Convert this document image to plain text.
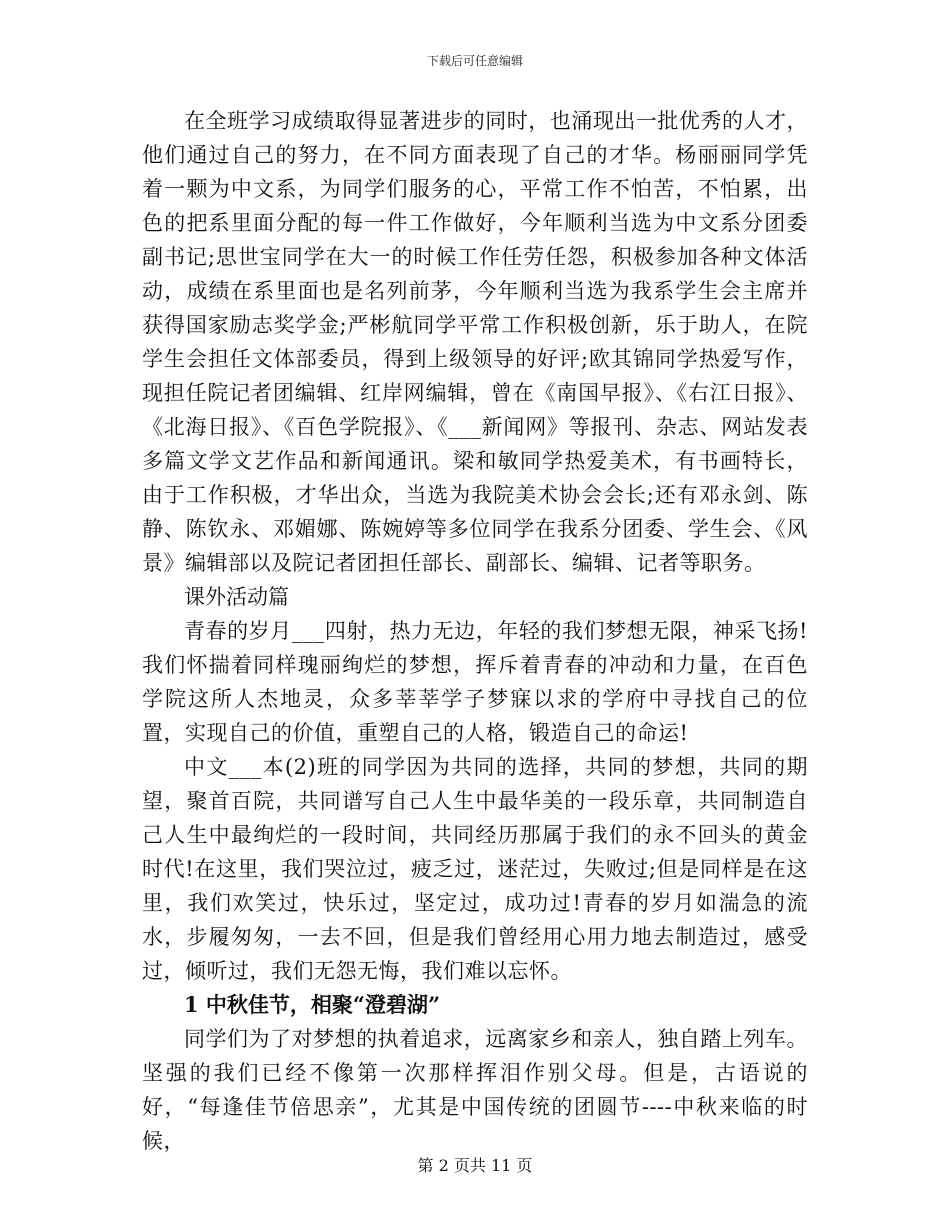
下载后可任意编辑

在全班学习成绩取得显著进步的同时，也涌现出一批优秀的人才，他们通过自己的努力，在不同方面表现了自己的才华。杨丽丽同学凭着一颗为中文系，为同学们服务的心，平常工作不怕苦，不怕累，出色的把系里面分配的每一件工作做好，今年顺利当选为中文系分团委副书记;思世宝同学在大一的时候工作任劳任怨，积极参加各种文体活动，成绩在系里面也是名列前茅，今年顺利当选为我系学生会主席并获得国家励志奖学金;严彬航同学平常工作积极创新，乐于助人，在院学生会担任文体部委员，得到上级领导的好评;欧其锦同学热爱写作，现担任院记者团编辑、红岸网编辑，曾在《南国早报》、《右江日报》、《北海日报》、《百色学院报》、《___新闻网》等报刊、杂志、网站发表多篇文学文艺作品和新闻通讯。梁和敏同学热爱美术，有书画特长，由于工作积极，才华出众，当选为我院美术协会会长;还有邓永剑、陈静、陈钦永、邓媚娜、陈婉婷等多位同学在我系分团委、学生会、《风景》编辑部以及院记者团担任部长、副部长、编辑、记者等职务。

课外活动篇

青春的岁月___四射，热力无边，年轻的我们梦想无限，神采飞扬!我们怀揣着同样瑰丽绚烂的梦想，挥斥着青春的冲动和力量，在百色学院这所人杰地灵，众多莘莘学子梦寐以求的学府中寻找自己的位置，实现自己的价值，重塑自己的人格，锻造自己的命运!

中文___本(2)班的同学因为共同的选择，共同的梦想，共同的期望，聚首百院，共同谱写自己人生中最华美的一段乐章，共同制造自己人生中最绚烂的一段时间，共同经历那属于我们的永不回头的黄金时代!在这里，我们哭泣过，疲乏过，迷茫过，失败过;但是同样是在这里，我们欢笑过，快乐过，坚定过，成功过!青春的岁月如湍急的流水，步履匆匆，一去不回，但是我们曾经用心用力地去制造过，感受过，倾听过，我们无怨无悔，我们难以忘怀。

1 中秋佳节，相聚“澄碧湖”

同学们为了对梦想的执着追求，远离家乡和亲人，独自踏上列车。坚强的我们已经不像第一次那样挥泪作别父母。但是，古语说的好，“每逢佳节倍思亲”，尤其是中国传统的团圆节----中秋来临的时候，

第 2 页共 11 页
